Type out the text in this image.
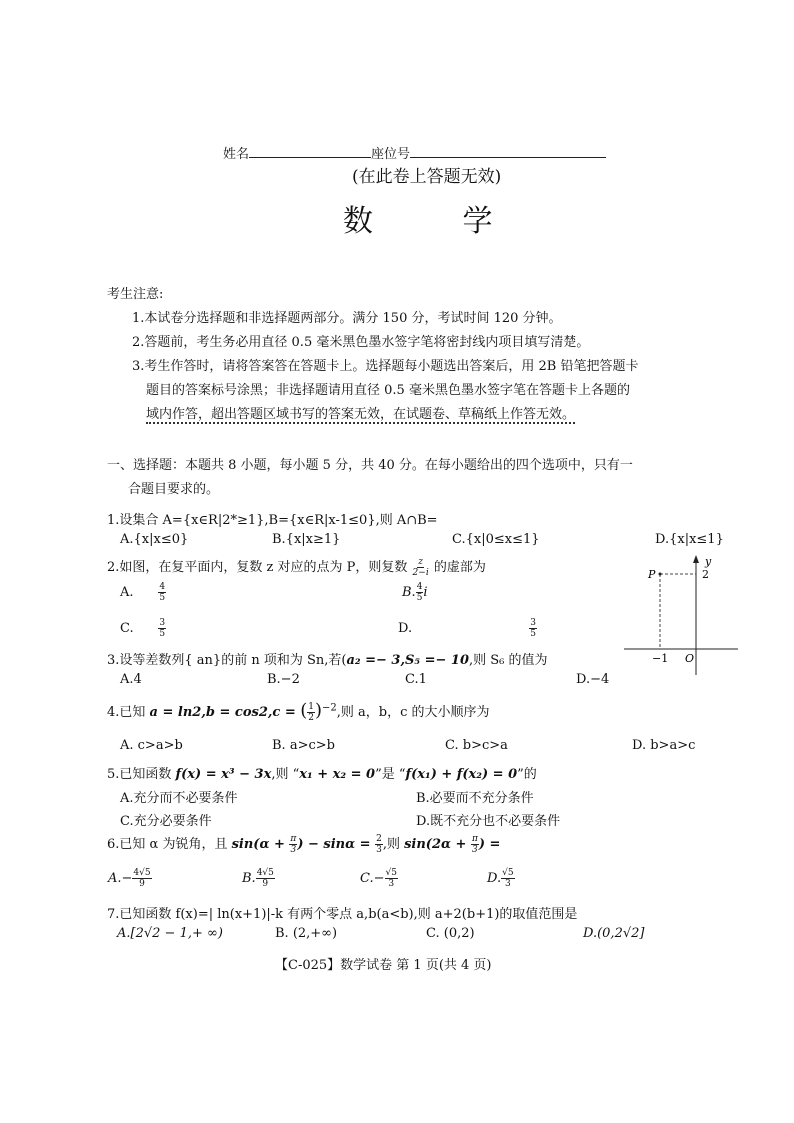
姓名	座位号
(在此卷上答题无效)
数 学
考生注意:
1.本试卷分选择题和非选择题两部分。满分 150 分，考试时间 120 分钟。
2.答题前，考生务必用直径 0.5 毫米黑色墨水签字笔将密封线内项目填写清楚。
3.考生作答时，请将答案答在答题卡上。选择题每小题选出答案后，用 2B 铅笔把答题卡
题目的答案标号涂黑；非选择题请用直径 0.5 毫米黑色墨水签字笔在答题卡上各题的
域内作答，超出答题区域书写的答案无效，在试题卷、草稿纸上作答无效。
一、选择题：本题共 8 小题，每小题 5 分，共 40 分。在每小题给出的四个选项中，只有一
合题目要求的。
1.设集合 A={x∈R|2*≥1},B={x∈R|x-1≤0},则 A∩B=
A.{x|x≤0}	B.{x|x≥1}	C.{x|0≤x≤1}	D.{x|x≤1}
2.如图，在复平面内，复数 z 对应的点为 P，则复数 $\frac{z}{2-i}$ 的虚部为
A.	$\frac{4}{5}$	B. $\frac{4}{5}$ i
C.	$\frac{3}{5}$	D.	$\frac{3}{5}$
y
2
P
−1 O
3.设等差数列{ an}的前 n 项和为 Sn,若(a₂ =− 3,S₅ =− 10,则 S₆ 的值为
A.4	B.−2	C.1	D.−4
4.已知 a = ln2,b = cos2,c = ( $\frac{1}{2} )^{-2}$,则 a，b，c 的大小顺序为
A. c>a>b	B. a>c>b	C. b>c>a	D. b>a>c
5.已知函数 f(x) = x³ − 3x,则 “x₁ + x₂ = 0”是 “f(x₁) + f(x₂) = 0”的
A.充分而不必要条件	B.必要而不充分条件
C.充分必要条件	D.既不充分也不必要条件
6.已知 α 为锐角，且 $\sin(\alpha + \frac{\pi}{3}$ ) − $\sin\alpha = \frac{2}{3}$ ,则 $\sin(2\alpha + \frac{\pi}{3}$ ) =
$A.- \frac{4√5}{9}$	B. $\frac{4√5}{9}$	$C.- \frac{√5}{3}$	D. $\frac{√5}{3}$
7.已知函数 f(x)=| ln(x+1)|-k 有两个零点 a,b(a<b),则 a+2(b+1)的取值范围是
A.[2√2 − 1,+ ∞)	B. (2,+∞)	C. (0,2)	D.(0,2√2]
【C-025】数学试卷 第 1 页(共 4 页)
